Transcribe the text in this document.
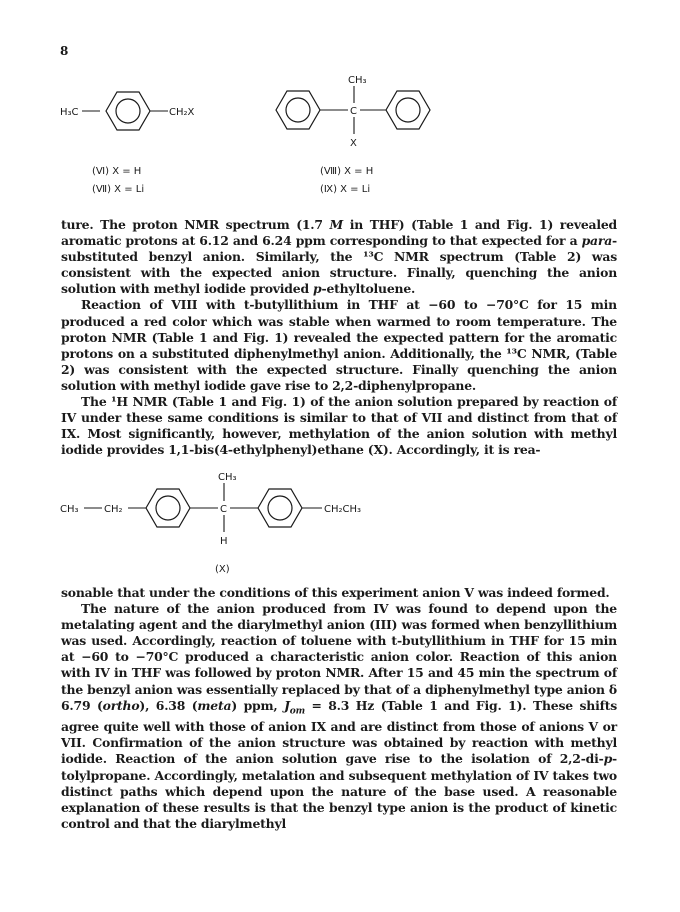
8
H₃C	CH₂X
CH₃
C
X
(Ⅵ) X = H
(Ⅶ) X = Li
(Ⅷ) X = H
(Ⅸ) X = Li

ture. The proton NMR spectrum (1.7 M in THF) (Table 1 and Fig. 1) revealed aromatic protons at 6.12 and 6.24 ppm corresponding to that expected for a para-substituted benzyl anion. Similarly, the ¹³C NMR spectrum (Table 2) was consistent with the expected anion structure. Finally, quenching the anion solution with methyl iodide provided p-ethyltoluene.

Reaction of VIII with t-butyllithium in THF at −60 to −70°C for 15 min produced a red color which was stable when warmed to room temperature. The proton NMR (Table 1 and Fig. 1) revealed the expected pattern for the aromatic protons on a substituted diphenylmethyl anion. Additionally, the ¹³C NMR, (Table 2) was consistent with the expected structure. Finally quenching the anion solution with methyl iodide gave rise to 2,2-diphenylpropane.

The ¹H NMR (Table 1 and Fig. 1) of the anion solution prepared by reaction of IV under these same conditions is similar to that of VII and distinct from that of IX. Most significantly, however, methylation of the anion solution with methyl iodide provides 1,1-bis(4-ethylphenyl)ethane (X). Accordingly, it is rea-

CH₃	CH₂
CH₃
C
H
CH₂CH₃
(Ⅹ)

sonable that under the conditions of this experiment anion V was indeed formed.

The nature of the anion produced from IV was found to depend upon the metalating agent and the diarylmethyl anion (III) was formed when benzyllithium was used. Accordingly, reaction of toluene with t-butyllithium in THF for 15 min at −60 to −70°C produced a characteristic anion color. Reaction of this anion with IV in THF was followed by proton NMR. After 15 and 45 min the spectrum of the benzyl anion was essentially replaced by that of a diphenylmethyl type anion δ 6.79 (ortho), 6.38 (meta) ppm, $J_{om} = 8.3$ Hz (Table 1 and Fig. 1). These shifts agree quite well with those of anion IX and are distinct from those of anions V or VII. Confirmation of the anion structure was obtained by reaction with methyl iodide. Reaction of the anion solution gave rise to the isolation of 2,2-di-p-tolylpropane. Accordingly, metalation and subsequent methylation of IV takes two distinct paths which depend upon the nature of the base used. A reasonable explanation of these results is that the benzyl type anion is the product of kinetic control and that the diarylmethyl
